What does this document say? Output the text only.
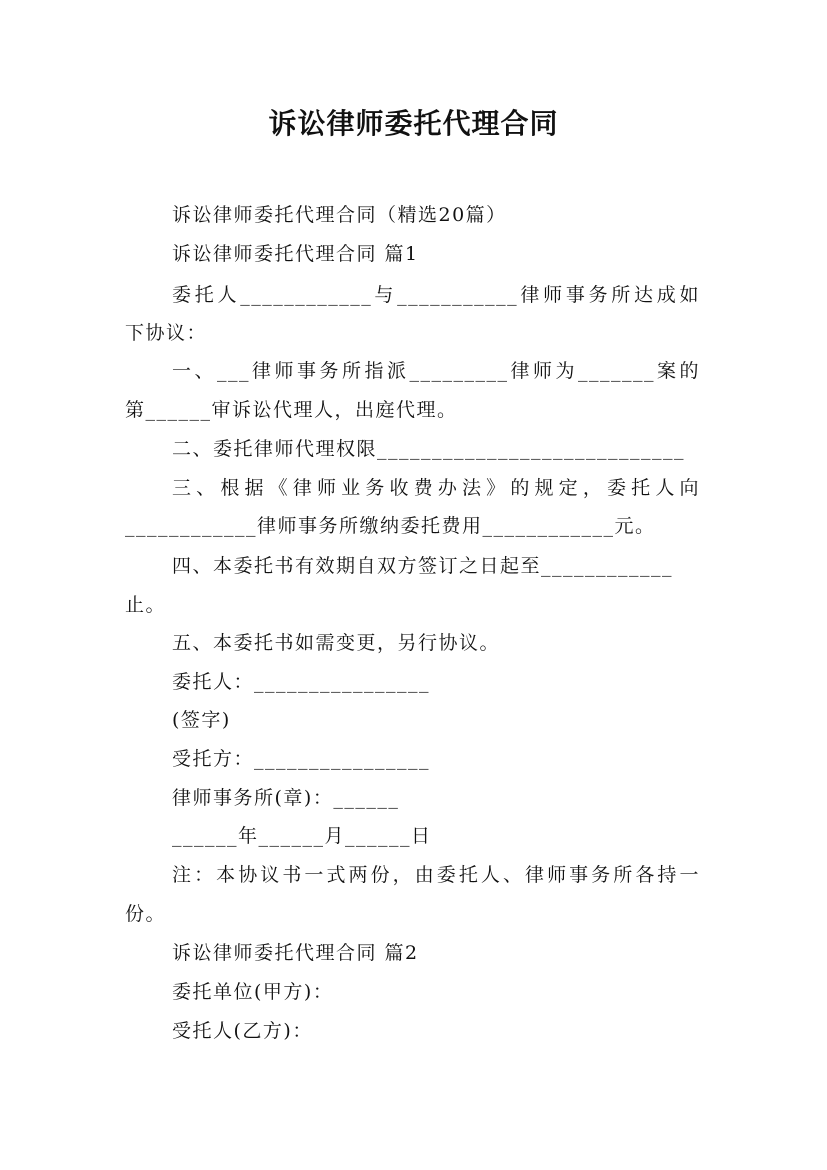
诉讼律师委托代理合同
诉讼律师委托代理合同（精选20篇）
诉讼律师委托代理合同 篇1
委托人____________与___________律师事务所达成如
下协议：
一、___律师事务所指派_________律师为_______案的
第______审诉讼代理人，出庭代理。
二、委托律师代理权限____________________________
三、根据《律师业务收费办法》的规定，委托人向
____________律师事务所缴纳委托费用____________元。
四、本委托书有效期自双方签订之日起至____________
止。
五、本委托书如需变更，另行协议。
委托人：________________
(签字)
受托方：________________
律师事务所(章)：______
______年______月______日
注：本协议书一式两份，由委托人、律师事务所各持一
份。
诉讼律师委托代理合同 篇2
委托单位(甲方)：
受托人(乙方)：
